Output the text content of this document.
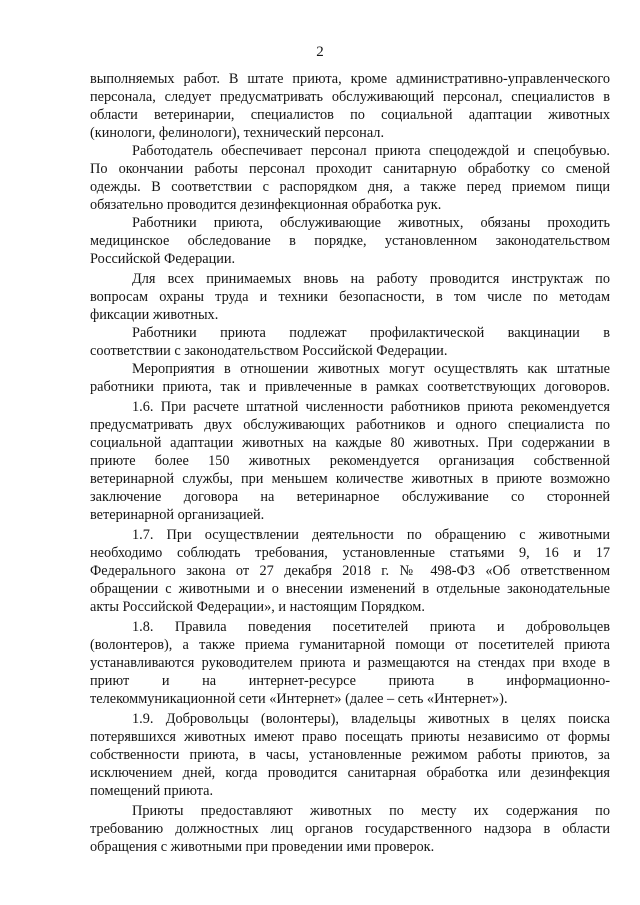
2
выполняемых работ. В штате приюта, кроме административно-управленческого
персонала, следует предусматривать обслуживающий персонал, специалистов в
области ветеринарии, специалистов по социальной адаптации животных
(кинологи, фелинологи), технический персонал.
Работодатель обеспечивает персонал приюта спецодеждой и спецобувью.
По окончании работы персонал проходит санитарную обработку со сменой
одежды. В соответствии с распорядком дня, а также перед приемом пищи
обязательно проводится дезинфекционная обработка рук.
Работники приюта, обслуживающие животных, обязаны проходить
медицинское обследование в порядке, установленном законодательством
Российской Федерации.
Для всех принимаемых вновь на работу проводится инструктаж по
вопросам охраны труда и техники безопасности, в том числе по методам
фиксации животных.
Работники приюта подлежат профилактической вакцинации в
соответствии с законодательством Российской Федерации.
Мероприятия в отношении животных могут осуществлять как штатные
работники приюта, так и привлеченные в рамках соответствующих договоров.
1.6. При расчете штатной численности работников приюта рекомендуется
предусматривать двух обслуживающих работников и одного специалиста по
социальной адаптации животных на каждые 80 животных. При содержании в
приюте более 150 животных рекомендуется организация собственной
ветеринарной службы, при меньшем количестве животных в приюте возможно
заключение договора на ветеринарное обслуживание со сторонней
ветеринарной организацией.
1.7. При осуществлении деятельности по обращению с животными
необходимо соблюдать требования, установленные статьями 9, 16 и 17
Федерального закона от 27 декабря 2018 г. № 498-ФЗ «Об ответственном
обращении с животными и о внесении изменений в отдельные законодательные
акты Российской Федерации», и настоящим Порядком.
1.8. Правила поведения посетителей приюта и добровольцев
(волонтеров), а также приема гуманитарной помощи от посетителей приюта
устанавливаются руководителем приюта и размещаются на стендах при входе в
приют и на интернет-ресурсе приюта в информационно-
телекоммуникационной сети «Интернет» (далее – сеть «Интернет»).
1.9. Добровольцы (волонтеры), владельцы животных в целях поиска
потерявшихся животных имеют право посещать приюты независимо от формы
собственности приюта, в часы, установленные режимом работы приютов, за
исключением дней, когда проводится санитарная обработка или дезинфекция
помещений приюта.
Приюты предоставляют животных по месту их содержания по
требованию должностных лиц органов государственного надзора в области
обращения с животными при проведении ими проверок.
